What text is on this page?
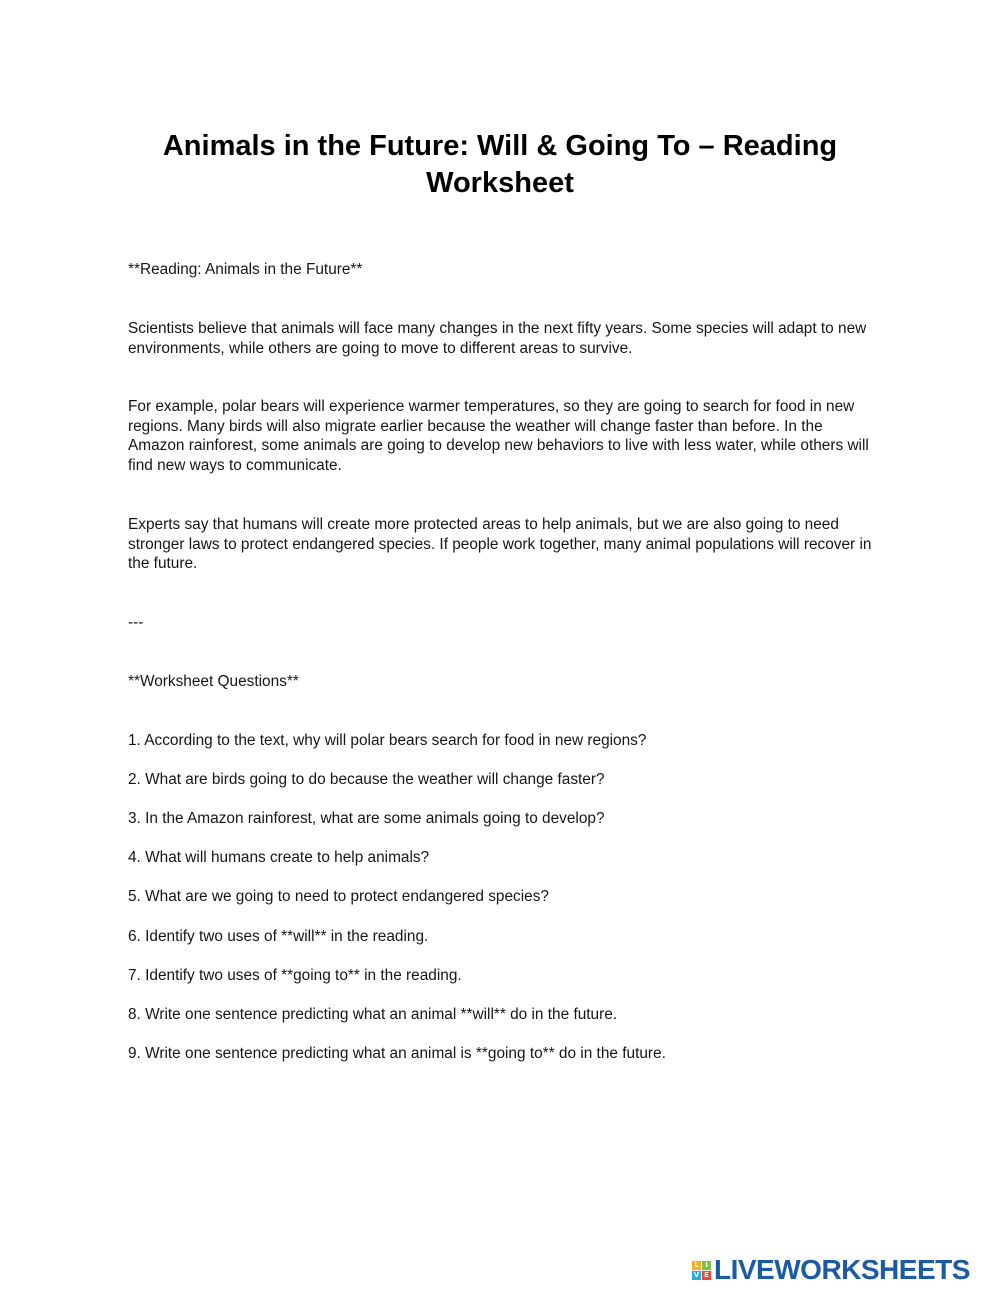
Animals in the Future: Will & Going To – Reading Worksheet

**Reading: Animals in the Future**

Scientists believe that animals will face many changes in the next fifty years. Some species will adapt to new environments, while others are going to move to different areas to survive.

For example, polar bears will experience warmer temperatures, so they are going to search for food in new regions. Many birds will also migrate earlier because the weather will change faster than before. In the Amazon rainforest, some animals are going to develop new behaviors to live with less water, while others will find new ways to communicate.

Experts say that humans will create more protected areas to help animals, but we are also going to need stronger laws to protect endangered species. If people work together, many animal populations will recover in the future.

---

**Worksheet Questions**

1. According to the text, why will polar bears search for food in new regions?

2. What are birds going to do because the weather will change faster?

3. In the Amazon rainforest, what are some animals going to develop?

4. What will humans create to help animals?

5. What are we going to need to protect endangered species?

6. Identify two uses of **will** in the reading.

7. Identify two uses of **going to** in the reading.

8. Write one sentence predicting what an animal **will** do in the future.

9. Write one sentence predicting what an animal is **going to** do in the future.

L I
V E LIVEWORKSHEETS
